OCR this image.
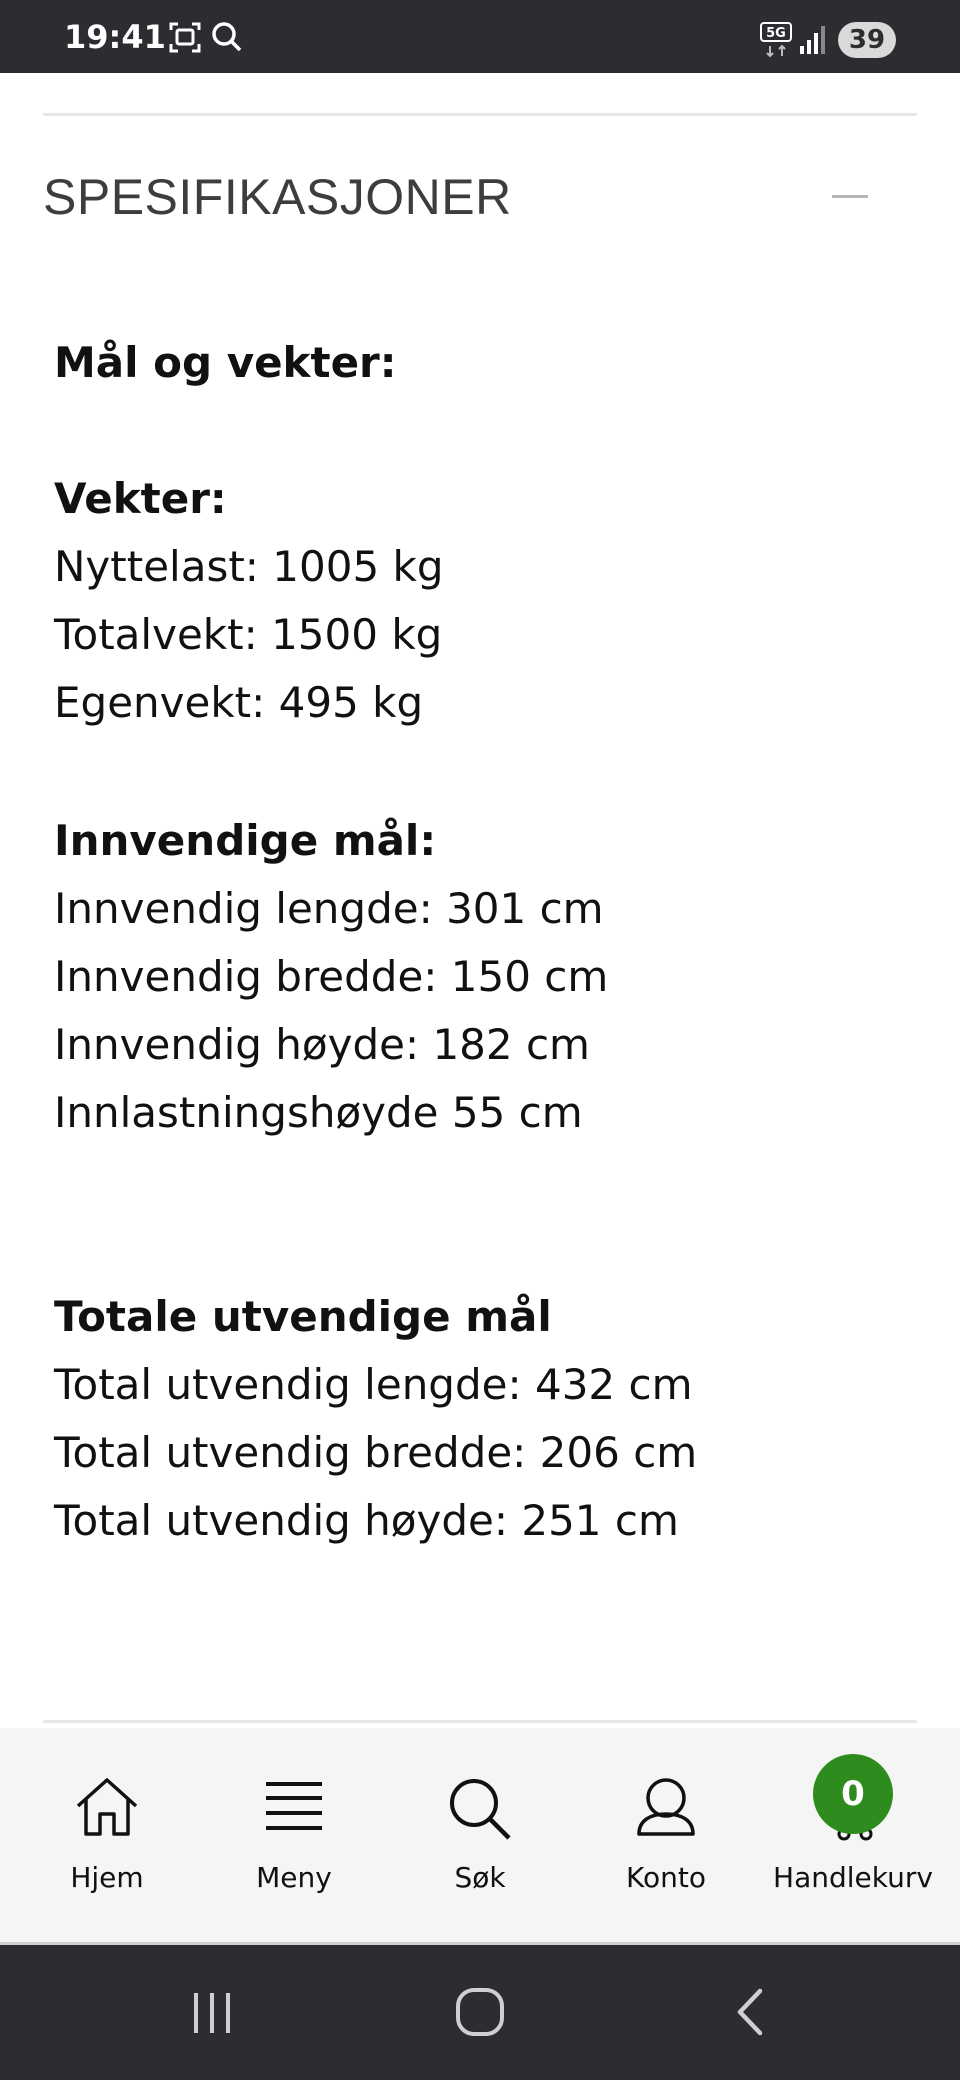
19:41	5G	39
SPESIFIKASJONER
Mål og vekter:
Vekter:
Nyttelast: 1005 kg
Totalvekt: 1500 kg
Egenvekt: 495 kg
Innvendige mål:
Innvendig lengde: 301 cm
Innvendig bredde: 150 cm
Innvendig høyde: 182 cm
Innlastningshøyde 55 cm
Totale utvendige mål
Total utvendig lengde: 432 cm
Total utvendig bredde: 206 cm
Total utvendig høyde: 251 cm
Hjem	Meny	Søk	Konto
0
Handlekurv
